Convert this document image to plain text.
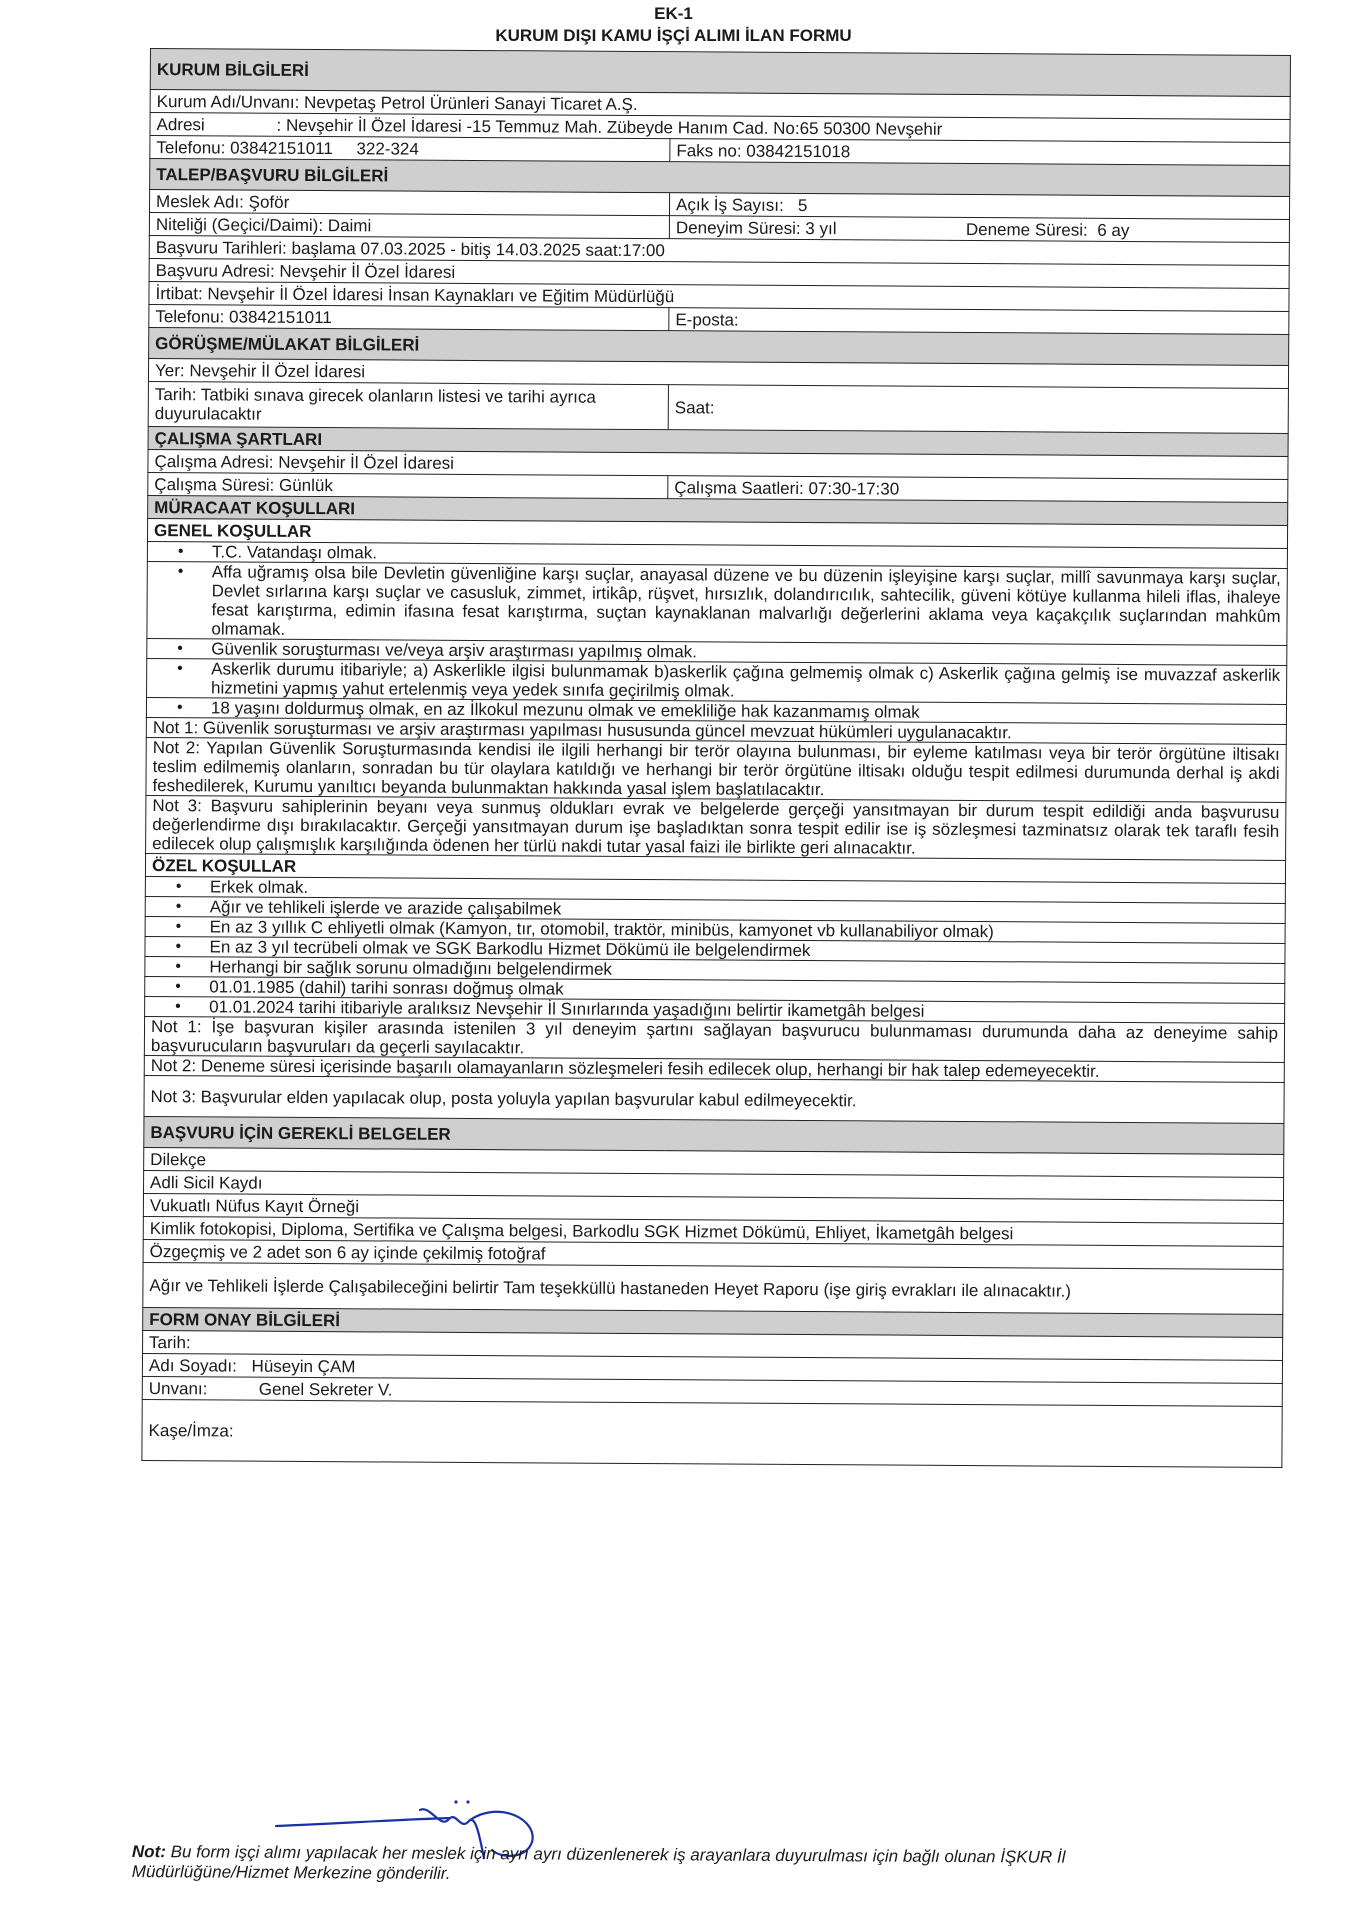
EK-1
KURUM DIŞI KAMU İŞÇİ ALIMI İLAN FORMU
KURUM BİLGİLERİ	
Kurum Adı/Unvanı: Nevpetaş Petrol Ürünleri Sanayi Ticaret A.Ş.	
Adresi : Nevşehir İl Özel İdaresi -15 Temmuz Mah. Zübeyde Hanım Cad. No:65 50300 Nevşehir	
Telefonu: 03842151011     322-324	Faks no: 03842151018
TALEP/BAŞVURU BİLGİLERİ	
Meslek Adı: Şoför	Açık İş Sayısı:   5
Niteliği (Geçici/Daimi): Daimi	Deneyim Süresi: 3 yıl Deneme Süresi:  6 ay
Başvuru Tarihleri: başlama 07.03.2025 - bitiş 14.03.2025 saat:17:00	
Başvuru Adresi: Nevşehir İl Özel İdaresi	
İrtibat: Nevşehir İl Özel İdaresi İnsan Kaynakları ve Eğitim Müdürlüğü	
Telefonu: 03842151011	E-posta:
GÖRÜŞME/MÜLAKAT BİLGİLERİ	
Yer: Nevşehir İl Özel İdaresi	
Tarih: Tatbiki sınava girecek olanların listesi ve tarihi ayrıca duyurulacaktır	Saat:
ÇALIŞMA ŞARTLARI	
Çalışma Adresi: Nevşehir İl Özel İdaresi	
Çalışma Süresi: Günlük	Çalışma Saatleri: 07:30-17:30
MÜRACAAT KOŞULLARI	
GENEL KOŞULLAR	
• T.C. Vatandaşı olmak.
• Affa uğramış olsa bile Devletin güvenliğine karşı suçlar, anayasal düzene ve bu düzenin işleyişine karşı suçlar, millî savunmaya karşı suçlar, Devlet sırlarına karşı suçlar ve casusluk, zimmet, irtikâp, rüşvet, hırsızlık, dolandırıcılık, sahtecilik, güveni kötüye kullanma hileli iflas, ihaleye fesat karıştırma, edimin ifasına fesat karıştırma, suçtan kaynaklanan malvarlığı değerlerini aklama veya kaçakçılık suçlarından mahkûm olmamak.
• Güvenlik soruşturması ve/veya arşiv araştırması yapılmış olmak.
• Askerlik durumu itibariyle; a) Askerlikle ilgisi bulunmamak b)askerlik çağına gelmemiş olmak c) Askerlik çağına gelmiş ise muvazzaf askerlik hizmetini yapmış yahut ertelenmiş veya yedek sınıfa geçirilmiş olmak.
• 18 yaşını doldurmuş olmak, en az İlkokul mezunu olmak ve emekliliğe hak kazanmamış olmak
Not 1: Güvenlik soruşturması ve arşiv araştırması yapılması hususunda güncel mevzuat hükümleri uygulanacaktır.	
Not 2: Yapılan Güvenlik Soruşturmasında kendisi ile ilgili herhangi bir terör olayına bulunması, bir eyleme katılması veya bir terör örgütüne iltisakı teslim edilmemiş olanların, sonradan bu tür olaylara katıldığı ve herhangi bir terör örgütüne iltisakı olduğu tespit edilmesi durumunda derhal iş akdi feshedilerek, Kurumu yanıltıcı beyanda bulunmaktan hakkında yasal işlem başlatılacaktır.	
Not 3: Başvuru sahiplerinin beyanı veya sunmuş oldukları evrak ve belgelerde gerçeği yansıtmayan bir durum tespit edildiği anda başvurusu değerlendirme dışı bırakılacaktır. Gerçeği yansıtmayan durum işe başladıktan sonra tespit edilir ise iş sözleşmesi tazminatsız olarak tek taraflı fesih edilecek olup çalışmışlık karşılığında ödenen her türlü nakdi tutar yasal faizi ile birlikte geri alınacaktır.	
ÖZEL KOŞULLAR	
• Erkek olmak.
• Ağır ve tehlikeli işlerde ve arazide çalışabilmek
• En az 3 yıllık C ehliyetli olmak (Kamyon, tır, otomobil, traktör, minibüs, kamyonet vb kullanabiliyor olmak)
• En az 3 yıl tecrübeli olmak ve SGK Barkodlu Hizmet Dökümü ile belgelendirmek
• Herhangi bir sağlık sorunu olmadığını belgelendirmek
• 01.01.1985 (dahil) tarihi sonrası doğmuş olmak
• 01.01.2024 tarihi itibariyle aralıksız Nevşehir İl Sınırlarında yaşadığını belirtir ikametgâh belgesi
Not 1: İşe başvuran kişiler arasında istenilen 3 yıl deneyim şartını sağlayan başvurucu bulunmaması durumunda daha az deneyime sahip başvurucuların başvuruları da geçerli sayılacaktır.	
Not 2: Deneme süresi içerisinde başarılı olamayanların sözleşmeleri fesih edilecek olup, herhangi bir hak talep edemeyecektir.	
Not 3: Başvurular elden yapılacak olup, posta yoluyla yapılan başvurular kabul edilmeyecektir.	
BAŞVURU İÇİN GEREKLİ BELGELER	
Dilekçe	
Adli Sicil Kaydı	
Vukuatlı Nüfus Kayıt Örneği	
Kimlik fotokopisi, Diploma, Sertifika ve Çalışma belgesi, Barkodlu SGK Hizmet Dökümü, Ehliyet, İkametgâh belgesi	
Özgeçmiş ve 2 adet son 6 ay içinde çekilmiş fotoğraf	
Ağır ve Tehlikeli İşlerde Çalışabileceğini belirtir Tam teşekküllü hastaneden Heyet Raporu (işe giriş evrakları ile alınacaktır.)	
FORM ONAY BİLGİLERİ	
Tarih:	
Adı Soyadı: Hüseyin ÇAM	
Unvanı: Genel Sekreter V.	
Kaşe/İmza:	
Not: Bu form işçi alımı yapılacak her meslek için ayrı ayrı düzenlenerek iş arayanlara duyurulması için bağlı olunan İŞKUR İl Müdürlüğüne/Hizmet Merkezine gönderilir.
